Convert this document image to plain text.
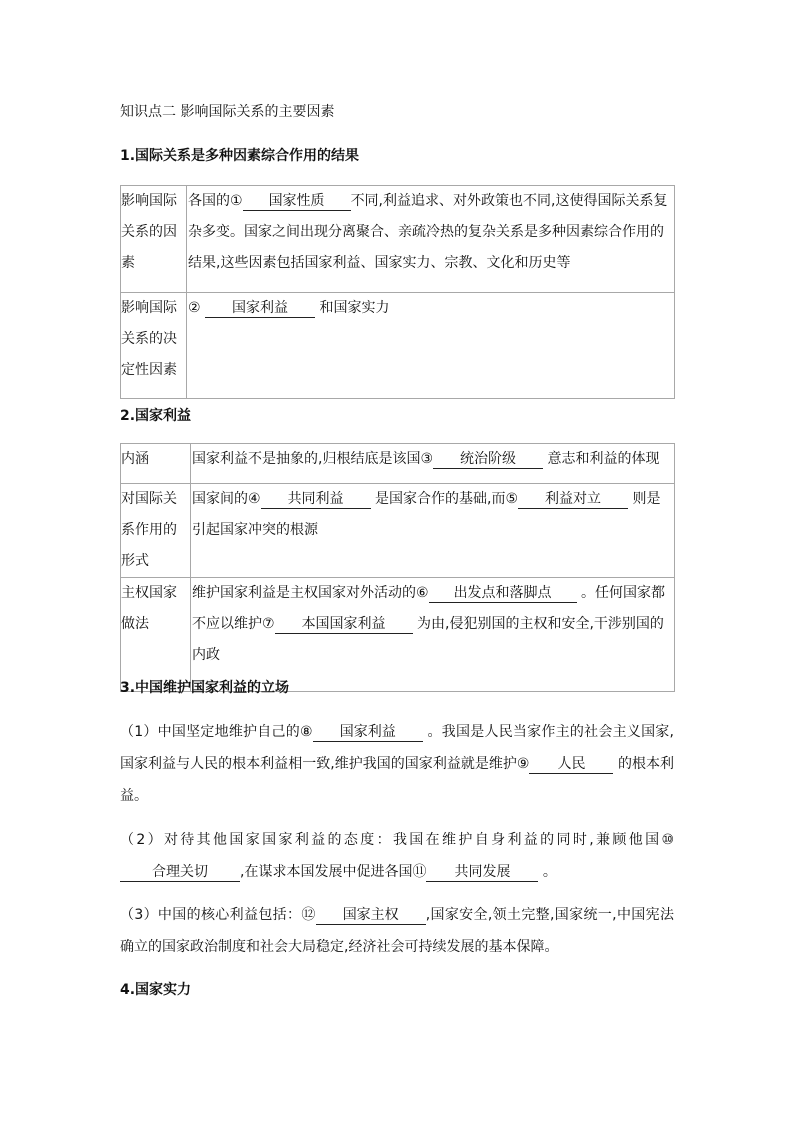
知识点二 影响国际关系的主要因素
1.国际关系是多种因素综合作用的结果
影响国际关系的因素	各国的① 国家性质 不同,利益追求、对外政策也不同,这使得国际关系复杂多变。国家之间出现分离聚合、亲疏冷热的复杂关系是多种因素综合作用的结果,这些因素包括国家利益、国家实力、宗教、文化和历史等
影响国际关系的决定性因素	② 国家利益 和国家实力
2.国家利益
内涵	国家利益不是抽象的,归根结底是该国③ 统治阶级 意志和利益的体现
对国际关系作用的形式	国家间的④ 共同利益 是国家合作的基础,而⑤ 利益对立 则是引起国家冲突的根源
主权国家做法	维护国家利益是主权国家对外活动的⑥ 出发点和落脚点 。任何国家都不应以维护⑦ 本国国家利益 为由,侵犯别国的主权和安全,干涉别国的内政
3.中国维护国家利益的立场

（1）中国坚定地维护自己的⑧ 国家利益 。我国是人民当家作主的社会主义国家,国家利益与人民的根本利益相一致,维护我国的国家利益就是维护⑨ 人民 的根本利益。

（2）对待其他国家国家利益的态度：我国在维护自身利益的同时,兼顾他国⑩合理关切 ,在谋求本国发展中促进各国⑪ 共同发展 。

（3）中国的核心利益包括：⑫ 国家主权 ,国家安全,领土完整,国家统一,中国宪法确立的国家政治制度和社会大局稳定,经济社会可持续发展的基本保障。

4.国家实力
